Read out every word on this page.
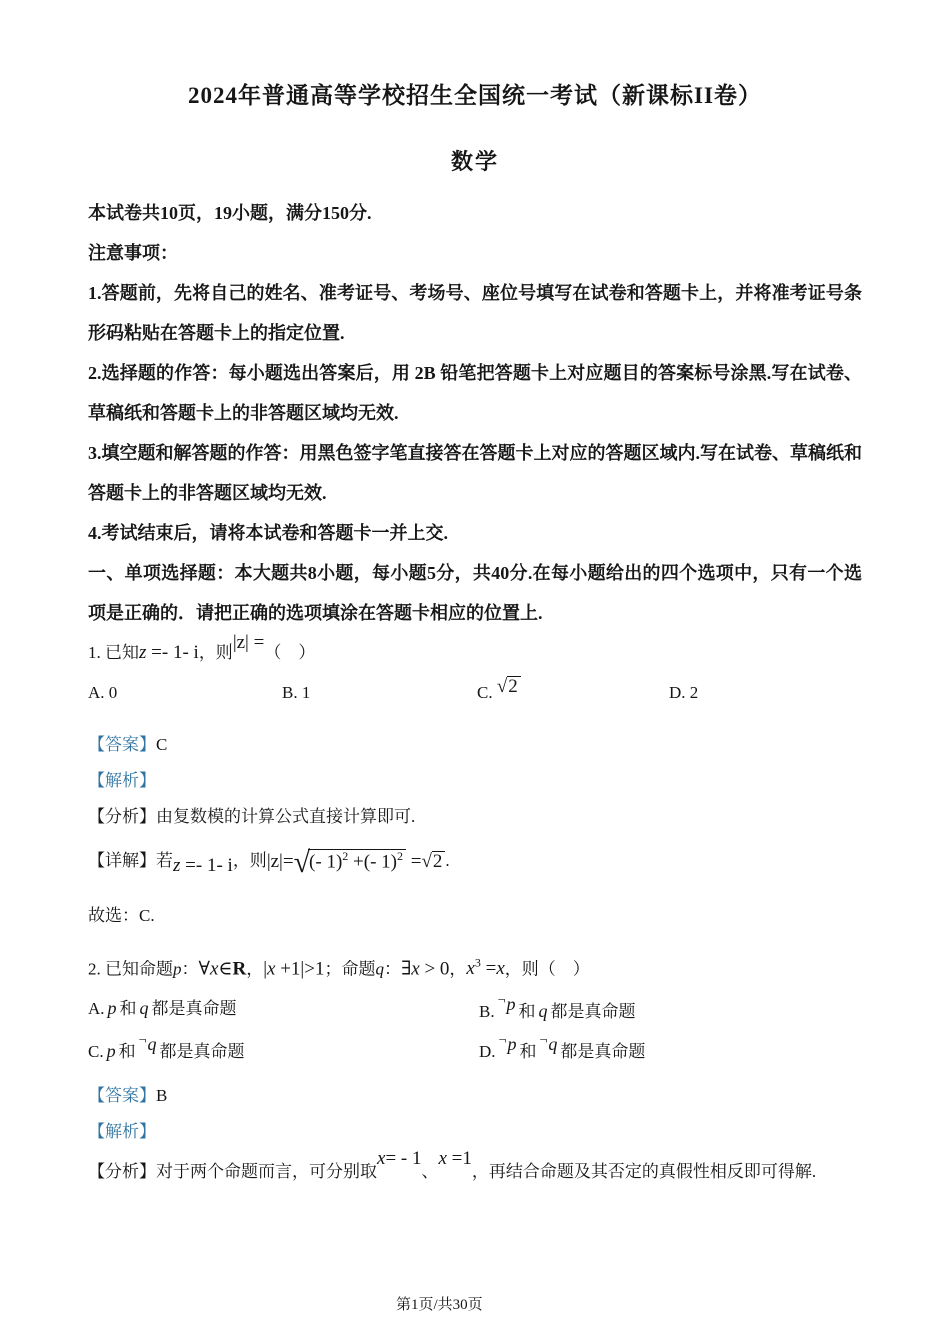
2024年普通高等学校招生全国统一考试（新课标II卷）
数学

本试卷共10页，19小题，满分150分.

注意事项：

1.答题前，先将自己的姓名、准考证号、考场号、座位号填写在试卷和答题卡上，并将准考证号条形码粘贴在答题卡上的指定位置.

2.选择题的作答：每小题选出答案后，用 2B 铅笔把答题卡上对应题目的答案标号涂黑.写在试卷、草稿纸和答题卡上的非答题区域均无效.

3.填空题和解答题的作答：用黑色签字笔直接答在答题卡上对应的答题区域内.写在试卷、草稿纸和答题卡上的非答题区域均无效.

4.考试结束后，请将本试卷和答题卡一并上交.

一、单项选择题：本大题共8小题，每小题5分，共40分.在每小题给出的四个选项中，只有一个选项是正确的．请把正确的选项填涂在答题卡相应的位置上.

1. 已知z =- 1- i，则|z| =（　）

A. 0	B. 1	C. √2	D. 2

【答案】C

【解析】

【分析】由复数模的计算公式直接计算即可.

【详解】若z =- 1- i，则|z|=√(- 1)$^2$ +(- 1)$^2$ =√2 .

故选：C.

2. 已知命题p：∀x∈R，|x +1|>1；命题q：∃x > 0，$x^3 =x$，则（　）

A. p 和 q 都是真命题	B.¬p 和 q 都是真命题
C. p 和¬q 都是真命题	D.¬p 和¬q 都是真命题

【答案】B

【解析】

【分析】对于两个命题而言，可分别取x= - 1、x =1，再结合命题及其否定的真假性相反即可得解.

第1页/共30页
